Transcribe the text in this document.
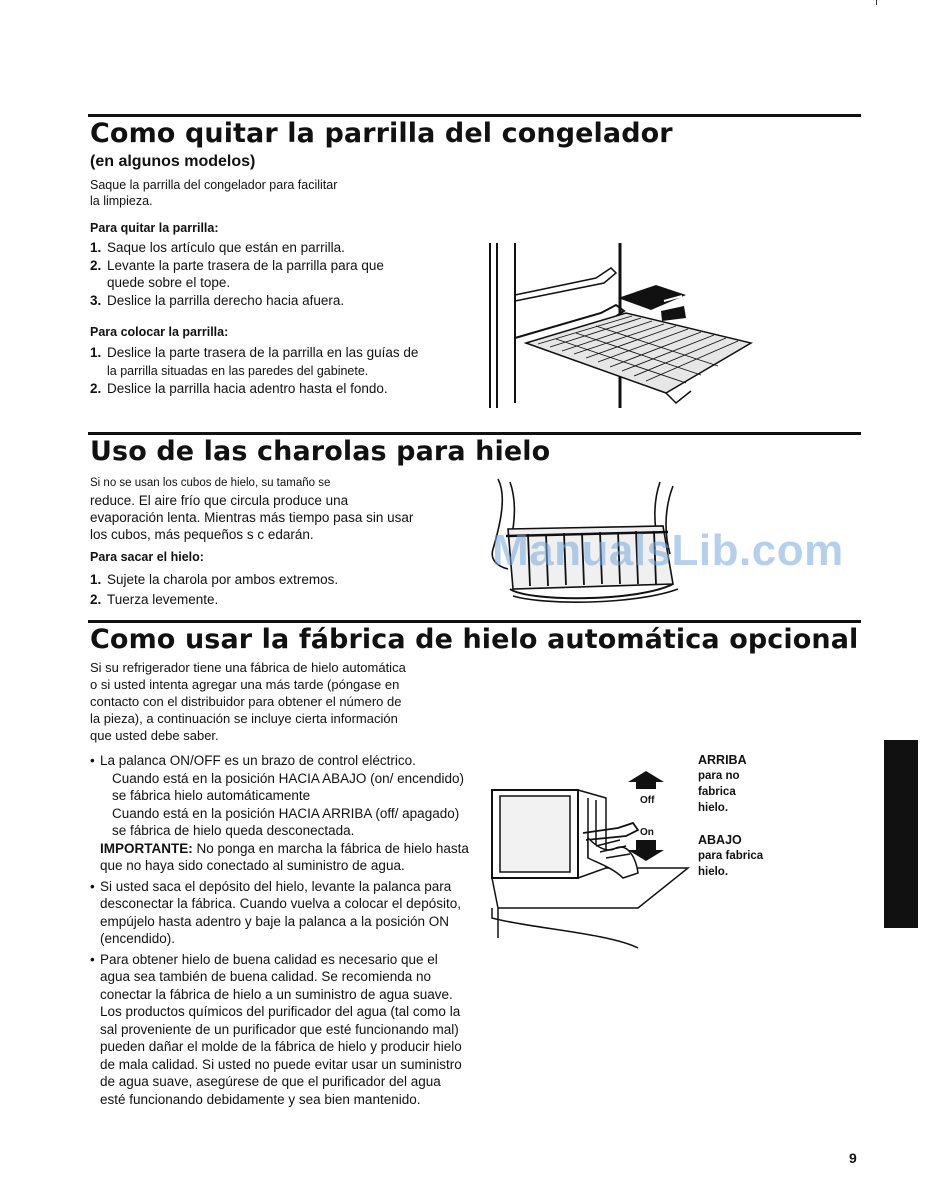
Como quitar la parrilla del congelador
(en algunos modelos)

Saque la parrilla del congelador para facilitar
la limpieza.

Para quitar la parrilla:
1. Saque los artículo que están en parrilla.
2. Levante la parte trasera de la parrilla para que
quede sobre el tope.
3. Deslice la parrilla derecho hacia afuera.
Para colocar la parrilla:
1. Deslice la parte trasera de la parrilla en las guías de
la parrilla situadas en las paredes del gabinete.
2. Deslice la parrilla hacia adentro hasta el fondo.
Uso de las charolas para hielo

Si no se usan los cubos de hielo, su tamaño se
reduce. El aire frío que circula produce una
evaporación lenta. Mientras más tiempo pasa sin usar
los cubos, más pequeños s c edarán.

Para sacar el hielo:
1. Sujete la charola por ambos extremos.
2. Tuerza levemente.
ManualsLib.com
Como usar la fábrica de hielo automática opcional

Si su refrigerador tiene una fábrica de hielo automática
o si usted intenta agregar una más tarde (póngase en
contacto con el distribuidor para obtener el número de
la pieza), a continuación se incluye cierta información
que usted debe saber.

• La palanca ON/OFF es un brazo de control eléctrico.
Cuando está en la posición HACIA ABAJO (on/ encendido) se fábrica hielo automáticamente
Cuando está en la posición HACIA ARRIBA (off/ apagado) se fábrica de hielo queda desconectada.
IMPORTANTE: No ponga en marcha la fábrica de hielo hasta que no haya sido conectado al suministro de agua.
• Si usted saca el depósito del hielo, levante la palanca para desconectar la fábrica. Cuando vuelva a colocar el depósito, empújelo hasta adentro y baje la palanca a la posición ON (encendido).
• Para obtener hielo de buena calidad es necesario que el agua sea también de buena calidad. Se recomienda no conectar la fábrica de hielo a un suministro de agua suave. Los productos químicos del purificador del agua (tal como la sal proveniente de un purificador que esté funcionando mal) pueden dañar el molde de la fábrica de hielo y producir hielo de mala calidad. Si usted no puede evitar usar un suministro de agua suave, asegúrese de que el purificador del agua esté funcionando debidamente y sea bien mantenido.
Off
On
ARRIBA
para no
fabrica
hielo.
ABAJO
para fabrica
hielo.
9
